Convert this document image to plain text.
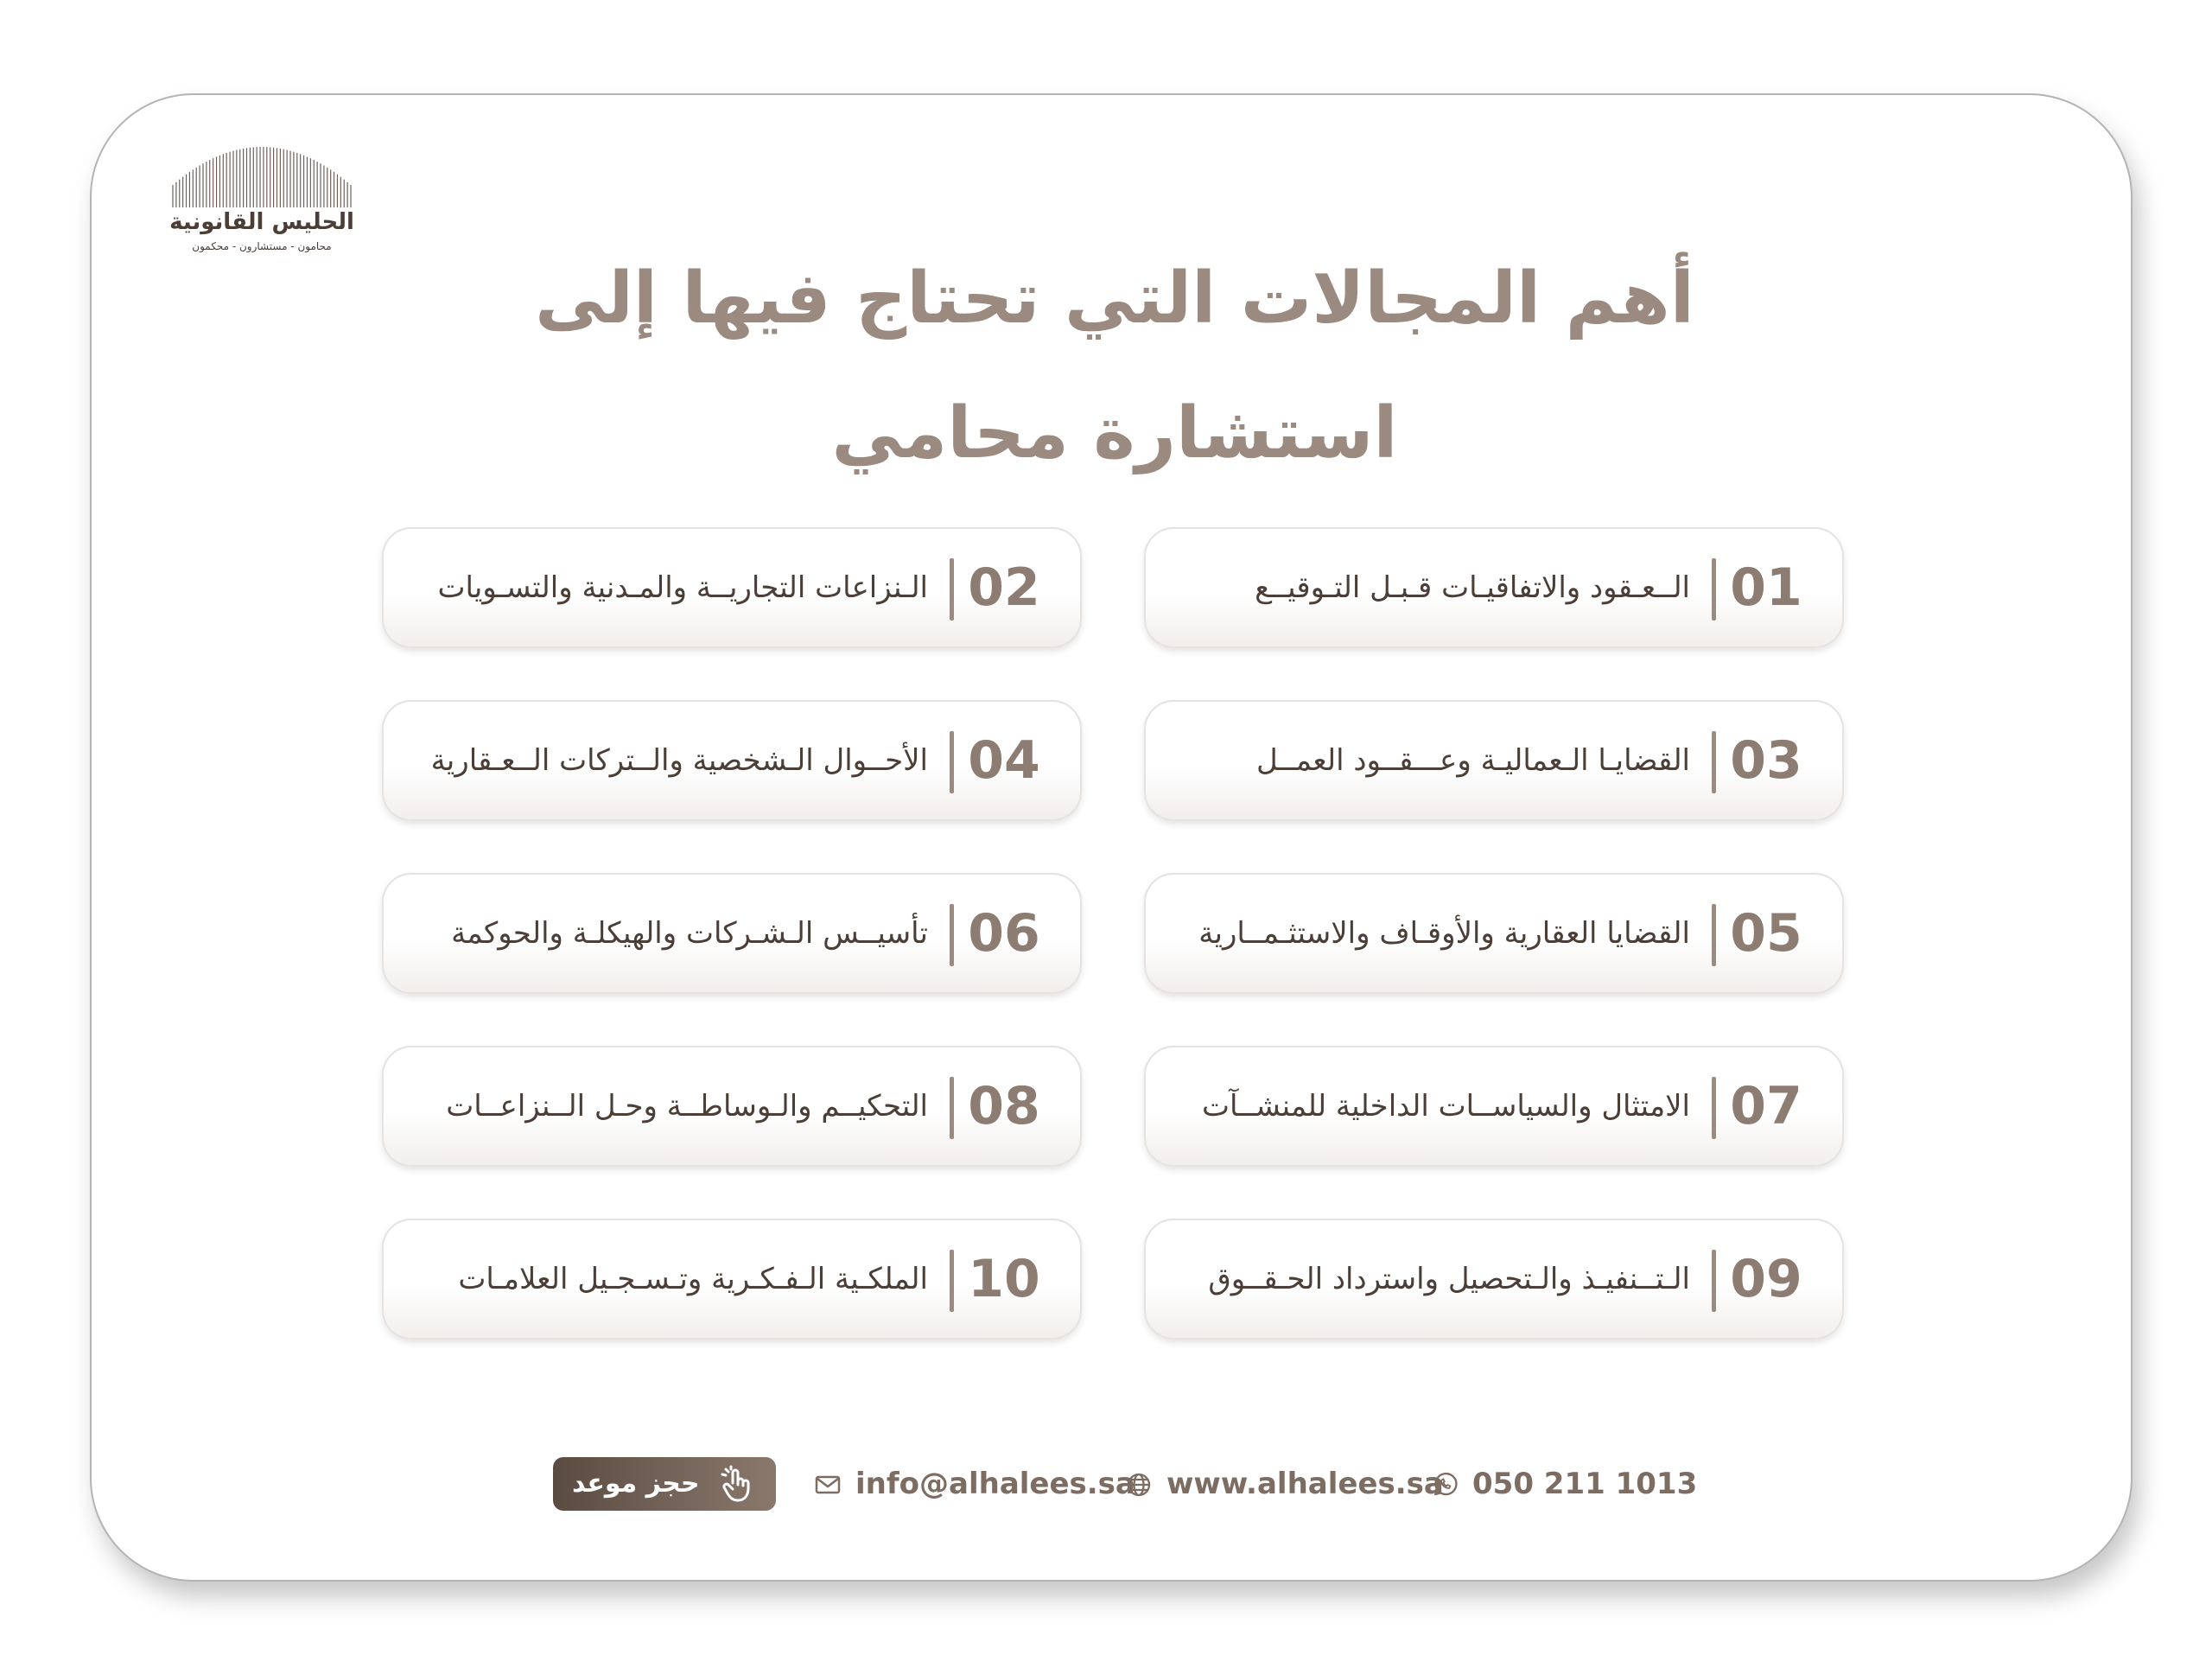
الحليس القانونية
محامون - مستشارون - محكمون
أهم المجالات التي تحتاج فيها إلى
استشارة محامي
01
الــعـقود والاتفاقيـات قـبـل التـوقيــع
02
الـنزاعات التجاريــة والمـدنية والتسـويات
03
القضايـا الـعماليـة وعـــقــود العمــل
04
الأحــوال الـشخصية والــتركات الــعـقارية
05
القضايا العقارية والأوقـاف والاستثـمــارية
06
تأسيــس الـشـركات والهيكلـة والحوكمة
07
الامتثال والسياســات الداخلية للمنشــآت
08
التحكيــم والـوساطــة وحـل الــنزاعــات
09
الـتــنفيـذ والـتحصيل واسترداد الحـقــوق
10
الملكـية الـفـكـرية وتـسـجـيل العلامـات
حجز موعد	info@alhalees.sa www.alhalees.sa 050 211 1013
